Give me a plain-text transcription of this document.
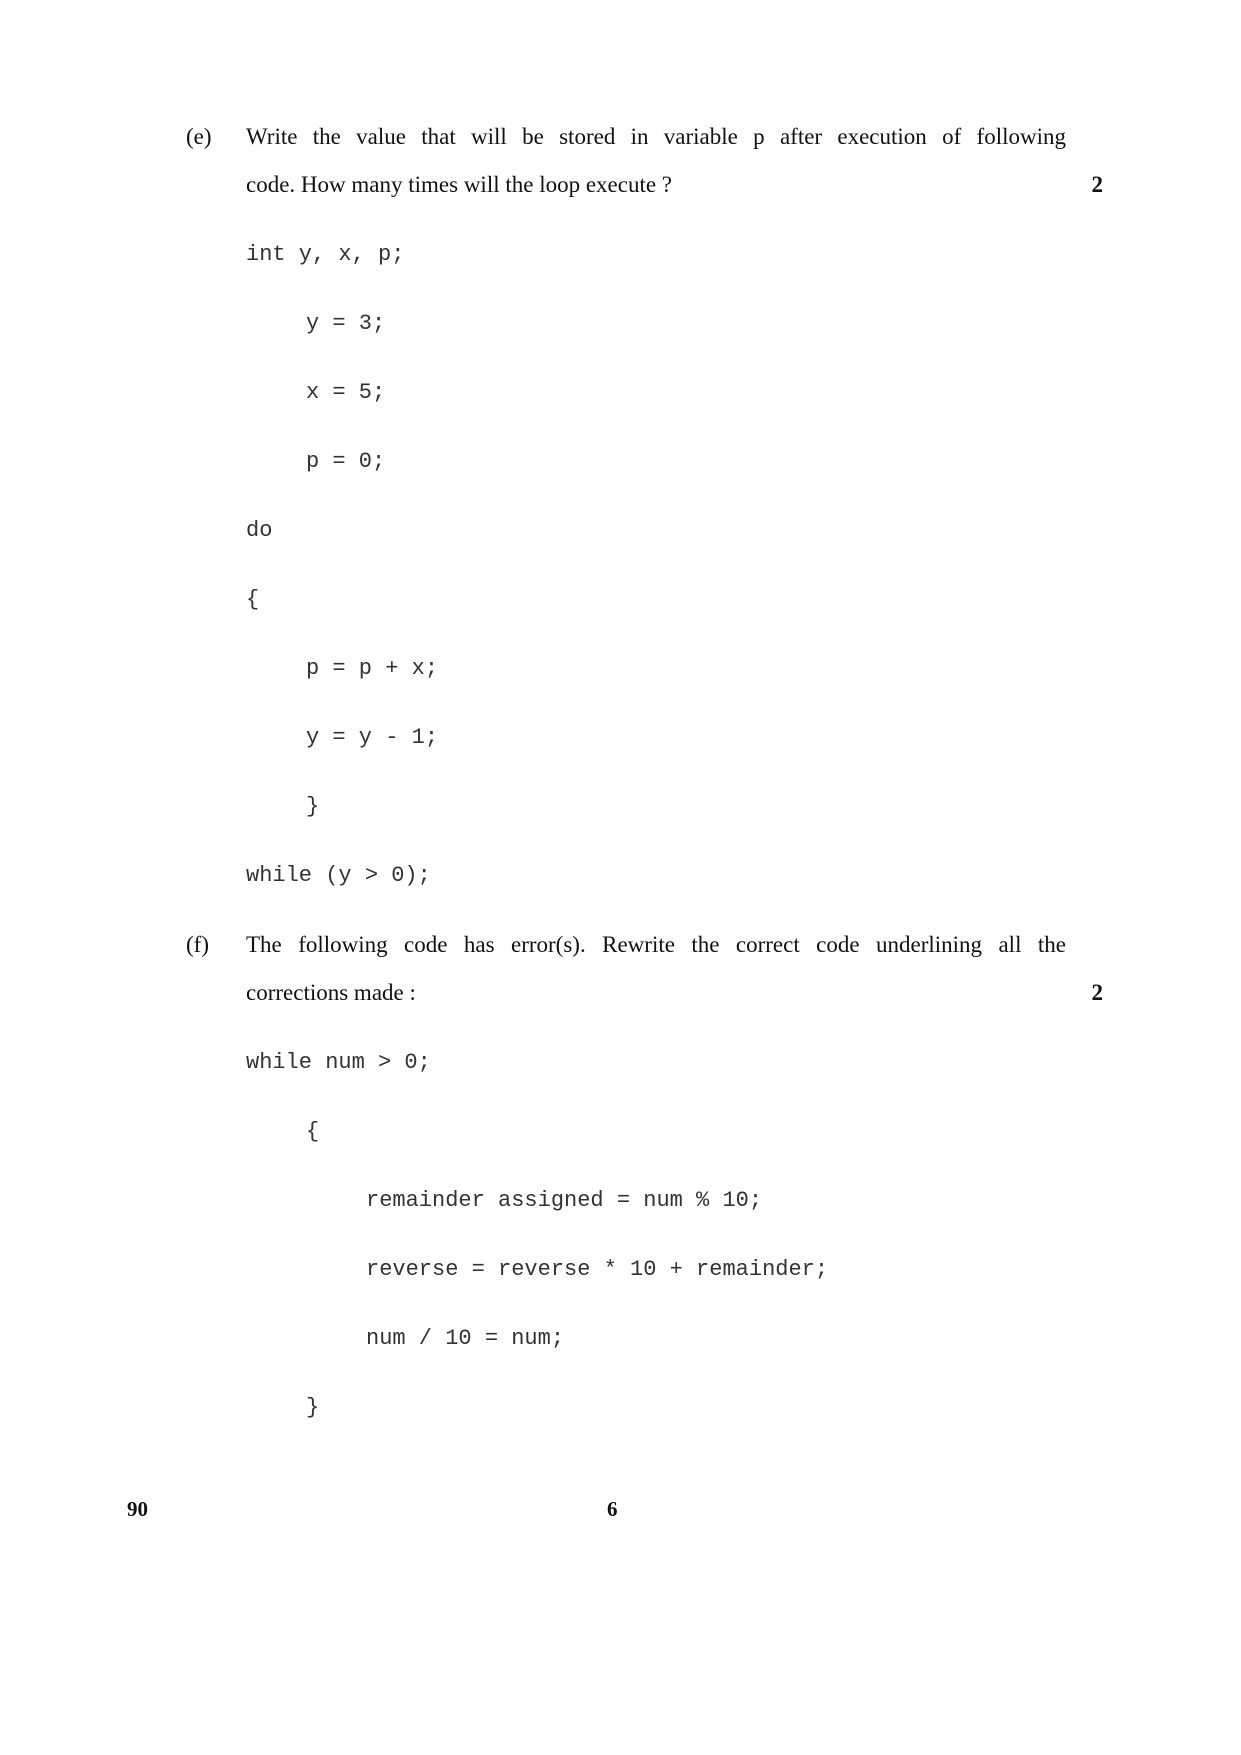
(e) Write the value that will be stored in variable p after execution of following
code. How many times will the loop execute ?	2
int y, x, p;
y = 3;
x = 5;
p = 0;
do
{
p = p + x;
y = y - 1;
}
while (y > 0);
(f) The following code has error(s). Rewrite the correct code underlining all the
corrections made :	2
while num > 0;
{
remainder assigned = num % 10;
reverse = reverse * 10 + remainder;
num / 10 = num;
}
90	6
